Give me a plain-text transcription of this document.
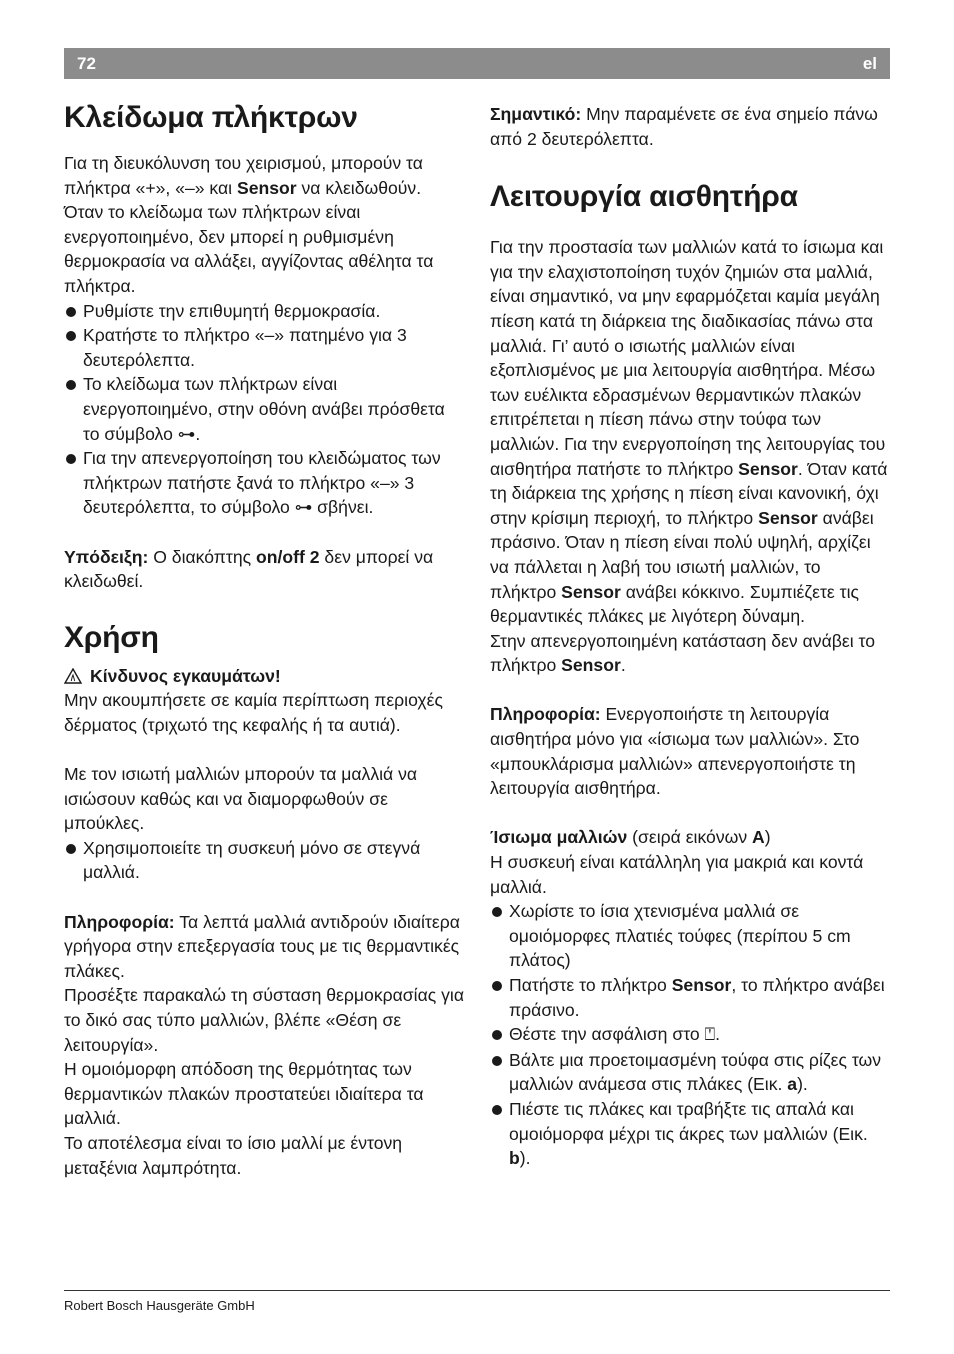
72	el
Κλείδωμα πλήκτρων

Για τη διευκόλυνση του χειρισμού, μπορούν τα πλήκτρα «+», «–» και Sensor να κλειδωθούν. Όταν το κλείδωμα των πλήκτρων είναι ενεργοποιημένο, δεν μπορεί η ρυθμισμένη θερμοκρασία να αλλάξει, αγγίζοντας αθέλητα τα πλήκτρα.

Ρυθμίστε την επιθυμητή θερμοκρασία.
Κρατήστε το πλήκτρο «–» πατημένο για 3 δευτερόλεπτα.
Το κλείδωμα των πλήκτρων είναι ενεργοποιημένο, στην οθόνη ανάβει πρόσθετα το σύμβολο ⊶.
Για την απενεργοποίηση του κλειδώματος των πλήκτρων πατήστε ξανά το πλήκτρο «–» 3 δευτερόλεπτα, το σύμβολο ⊶ σβήνει.

Υπόδειξη: Ο διακόπτης on/off 2 δεν μπορεί να κλειδωθεί.

Χρήση
Κίνδυνος εγκαυμάτων!

Μην ακουμπήσετε σε καμία περίπτωση περιοχές δέρματος (τριχωτό της κεφαλής ή τα αυτιά).

Με τον ισιωτή μαλλιών μπορούν τα μαλλιά να ισιώσουν καθώς και να διαμορφωθούν σε μπούκλες.

Χρησιμοποιείτε τη συσκευή μόνο σε στεγνά μαλλιά.

Πληροφορία: Τα λεπτά μαλλιά αντιδρούν ιδιαίτερα γρήγορα στην επεξεργασία τους με τις θερμαντικές πλάκες.

Προσέξτε παρακαλώ τη σύσταση θερμοκρασίας για το δικό σας τύπο μαλλιών, βλέπε «Θέση σε λειτουργία».

Η ομοιόμορφη απόδοση της θερμότητας των θερμαντικών πλακών προστατεύει ιδιαίτερα τα μαλλιά.

Το αποτέλεσμα είναι το ίσιο μαλλί με έντονη μεταξένια λαμπρότητα.

Σημαντικό: Μην παραμένετε σε ένα σημείο πάνω από 2 δευτερόλεπτα.

Λειτουργία αισθητήρα

Για την προστασία των μαλλιών κατά το ίσιωμα και για την ελαχιστοποίηση τυχόν ζημιών στα μαλλιά, είναι σημαντικό, να μην εφαρμόζεται καμία μεγάλη πίεση κατά τη διάρκεια της διαδικασίας πάνω στα μαλλιά. Γι’ αυτό ο ισιωτής μαλλιών είναι εξοπλισμένος με μια λειτουργία αισθητήρα. Μέσω των ευέλικτα εδρασμένων θερμαντικών πλακών επιτρέπεται η πίεση πάνω στην τούφα των μαλλιών. Για την ενεργοποίηση της λειτουργίας του αισθητήρα πατήστε το πλήκτρο Sensor. Όταν κατά τη διάρκεια της χρήσης η πίεση είναι κανονική, όχι στην κρίσιμη περιοχή, το πλήκτρο Sensor ανάβει πράσινο. Όταν η πίεση είναι πολύ υψηλή, αρχίζει να πάλλεται η λαβή του ισιωτή μαλλιών, το πλήκτρο Sensor ανάβει κόκκινο. Συμπιέζετε τις θερμαντικές πλάκες με λιγότερη δύναμη.

Στην απενεργοποιημένη κατάσταση δεν ανάβει το πλήκτρο Sensor.

Πληροφορία: Ενεργοποιήστε τη λειτουργία αισθητήρα μόνο για «ίσιωμα των μαλλιών». Στο «μπουκλάρισμα μαλλιών» απενεργοποιήστε τη λειτουργία αισθητήρα.

Ίσιωμα μαλλιών (σειρά εικόνων A)

Η συσκευή είναι κατάλληλη για μακριά και κοντά μαλλιά.

Χωρίστε το ίσια χτενισμένα μαλλιά σε ομοιόμορφες πλατιές τούφες (περίπου 5 cm πλάτος)
Πατήστε το πλήκτρο Sensor, το πλήκτρο ανάβει πράσινο.
Θέστε την ασφάλιση στο ⍞.
Βάλτε μια προετοιμασμένη τούφα στις ρίζες των μαλλιών ανάμεσα στις πλάκες (Εικ. a).
Πιέστε τις πλάκες και τραβήξτε τις απαλά και ομοιόμορφα μέχρι τις άκρες των μαλλιών (Εικ. b).
Robert Bosch Hausgeräte GmbH
